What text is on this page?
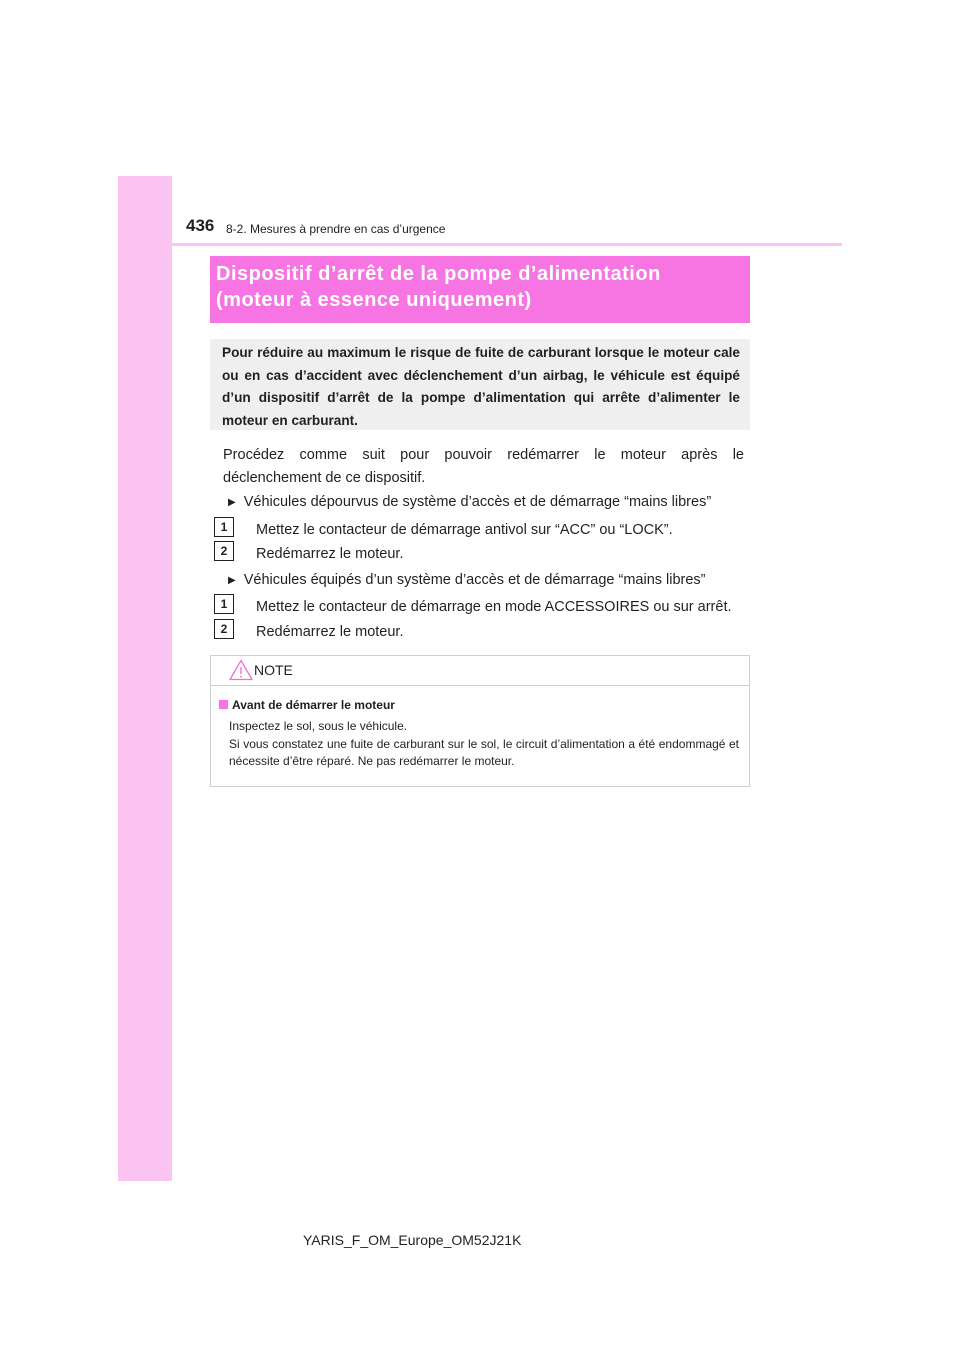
436 8-2. Mesures à prendre en cas d’urgence
Dispositif d’arrêt de la pompe d’alimentation
(moteur à essence uniquement)
Pour réduire au maximum le risque de fuite de carburant lorsque le moteur cale ou en cas d’accident avec déclenchement d’un airbag, le véhicule est équipé d’un dispositif d’arrêt de la pompe d’alimentation qui arrête d’alimenter le moteur en carburant.
Procédez comme suit pour pouvoir redémarrer le moteur après le déclenchement de ce dispositif.
▶ Véhicules dépourvus de système d’accès et de démarrage “mains libres”
1	Mettez le contacteur de démarrage antivol sur “ACC” ou “LOCK”.
2	Redémarrez le moteur.
▶ Véhicules équipés d’un système d’accès et de démarrage “mains libres”
1	Mettez le contacteur de démarrage en mode ACCESSOIRES ou sur arrêt.
2	Redémarrez le moteur.
NOTE
Avant de démarrer le moteur
Inspectez le sol, sous le véhicule.
Si vous constatez une fuite de carburant sur le sol, le circuit d’alimentation a été endommagé et nécessite d’être réparé. Ne pas redémarrer le moteur.
YARIS_F_OM_Europe_OM52J21K
